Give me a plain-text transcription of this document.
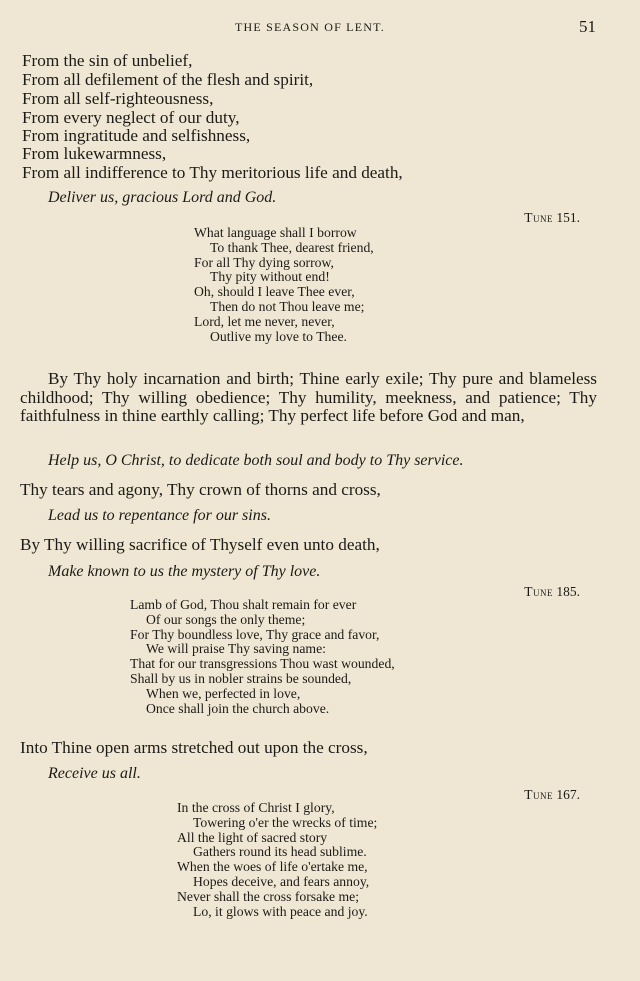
THE SEASON OF LENT.	51
From the sin of unbelief,
From all defilement of the flesh and spirit,
From all self-righteousness,
From every neglect of our duty,
From ingratitude and selfishness,
From lukewarmness,
From all indifference to Thy meritorious life and death,
Deliver us, gracious Lord and God.
Tune 151.
What language shall I borrow
To thank Thee, dearest friend,
For all Thy dying sorrow,
Thy pity without end!
Oh, should I leave Thee ever,
Then do not Thou leave me;
Lord, let me never, never,
Outlive my love to Thee.
By Thy holy incarnation and birth; Thine early exile; Thy pure and blameless childhood; Thy willing obedience; Thy humility, meekness, and patience; Thy faithfulness in thine earthly calling; Thy perfect life before God and man,
Help us, O Christ, to dedicate both soul and body to Thy service.
Thy tears and agony, Thy crown of thorns and cross,
Lead us to repentance for our sins.
By Thy willing sacrifice of Thyself even unto death,
Make known to us the mystery of Thy love.
Tune 185.
Lamb of God, Thou shalt remain for ever
Of our songs the only theme;
For Thy boundless love, Thy grace and favor,
We will praise Thy saving name:
That for our transgressions Thou wast wounded,
Shall by us in nobler strains be sounded,
When we, perfected in love,
Once shall join the church above.
Into Thine open arms stretched out upon the cross,
Receive us all.
Tune 167.
In the cross of Christ I glory,
Towering o'er the wrecks of time;
All the light of sacred story
Gathers round its head sublime.
When the woes of life o'ertake me,
Hopes deceive, and fears annoy,
Never shall the cross forsake me;
Lo, it glows with peace and joy.
